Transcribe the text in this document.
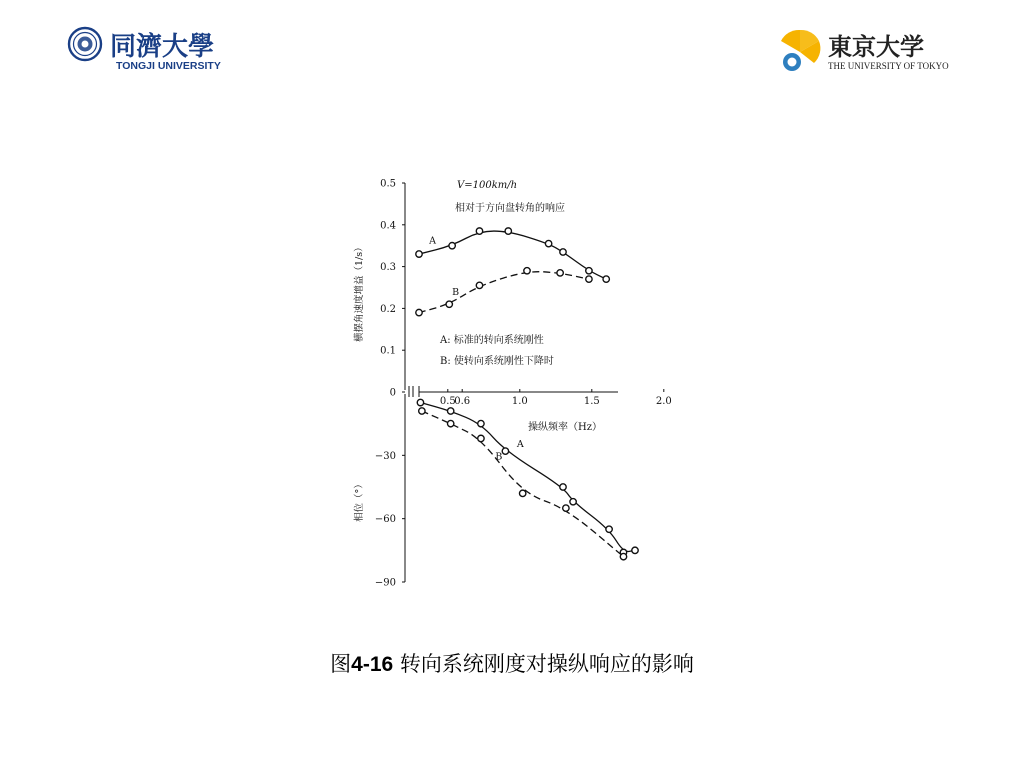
同濟大學
TONGJI UNIVERSITY
東京大学
THE UNIVERSITY OF TOKYO
V=100km/h
相对于方向盘转角的响应
A: 标准的转向系统刚性
B: 使转向系统刚性下降时
操纵频率（Hz）
横摆角速度增益（1/s）
相位（°）
0
0.1
0.2
0.3
0.4
0.5
−30
−60
−90
0.5
0.6	1.0	1.5	2.0
A
B
A
B
图4-16 转向系统刚度对操纵响应的影响
